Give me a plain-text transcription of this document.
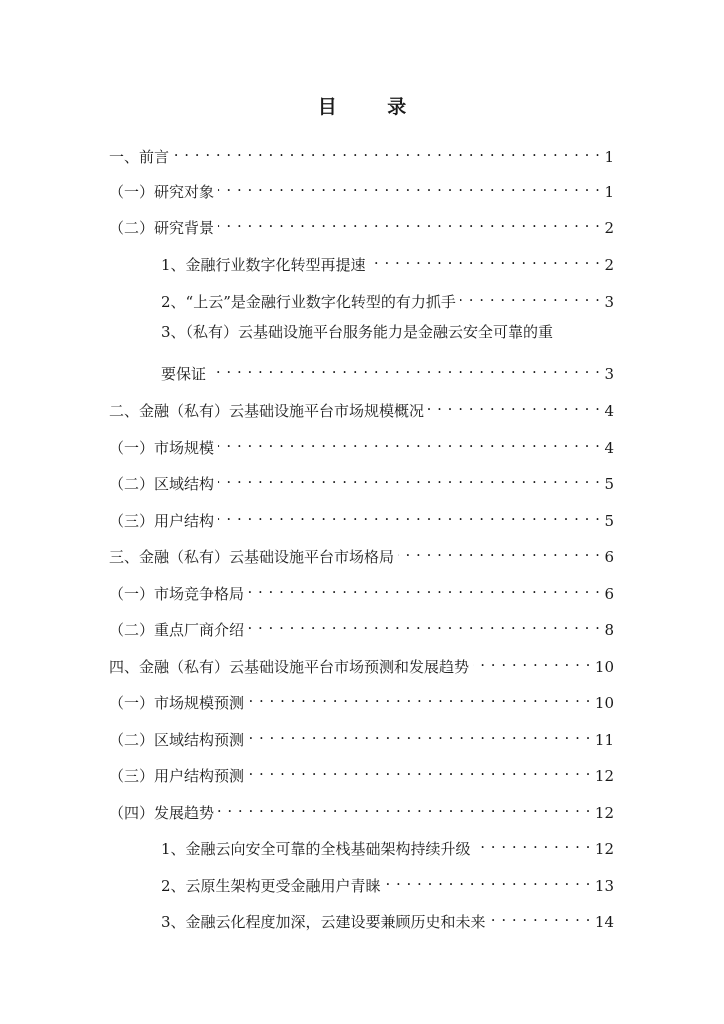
目 录
一、前言 . . .	1
（一）研究对象 . . .	1
（二）研究背景 . . .	2
1、金融行业数字化转型再提速 . . .	2
2、“上云”是金融行业数字化转型的有力抓手 . . .	3
3、（私有）云基础设施平台服务能力是金融云安全可靠的重
要保证 . . .	3
二、金融（私有）云基础设施平台市场规模概况 . . .	4
（一）市场规模 . . .	4
（二）区域结构 . . .	5
（三）用户结构 . . .	5
三、金融（私有）云基础设施平台市场格局 . . .	6
（一）市场竞争格局 . . .	6
（二）重点厂商介绍 . . .	8
四、金融（私有）云基础设施平台市场预测和发展趋势 . . .	10
（一）市场规模预测 . . .	10
（二）区域结构预测 . . .	11
（三）用户结构预测 . . .	12
（四）发展趋势 . . .	12
1、金融云向安全可靠的全栈基础架构持续升级 . . .	12
2、云原生架构更受金融用户青睐 . . .	13
3、金融云化程度加深，云建设要兼顾历史和未来 . . .	14
